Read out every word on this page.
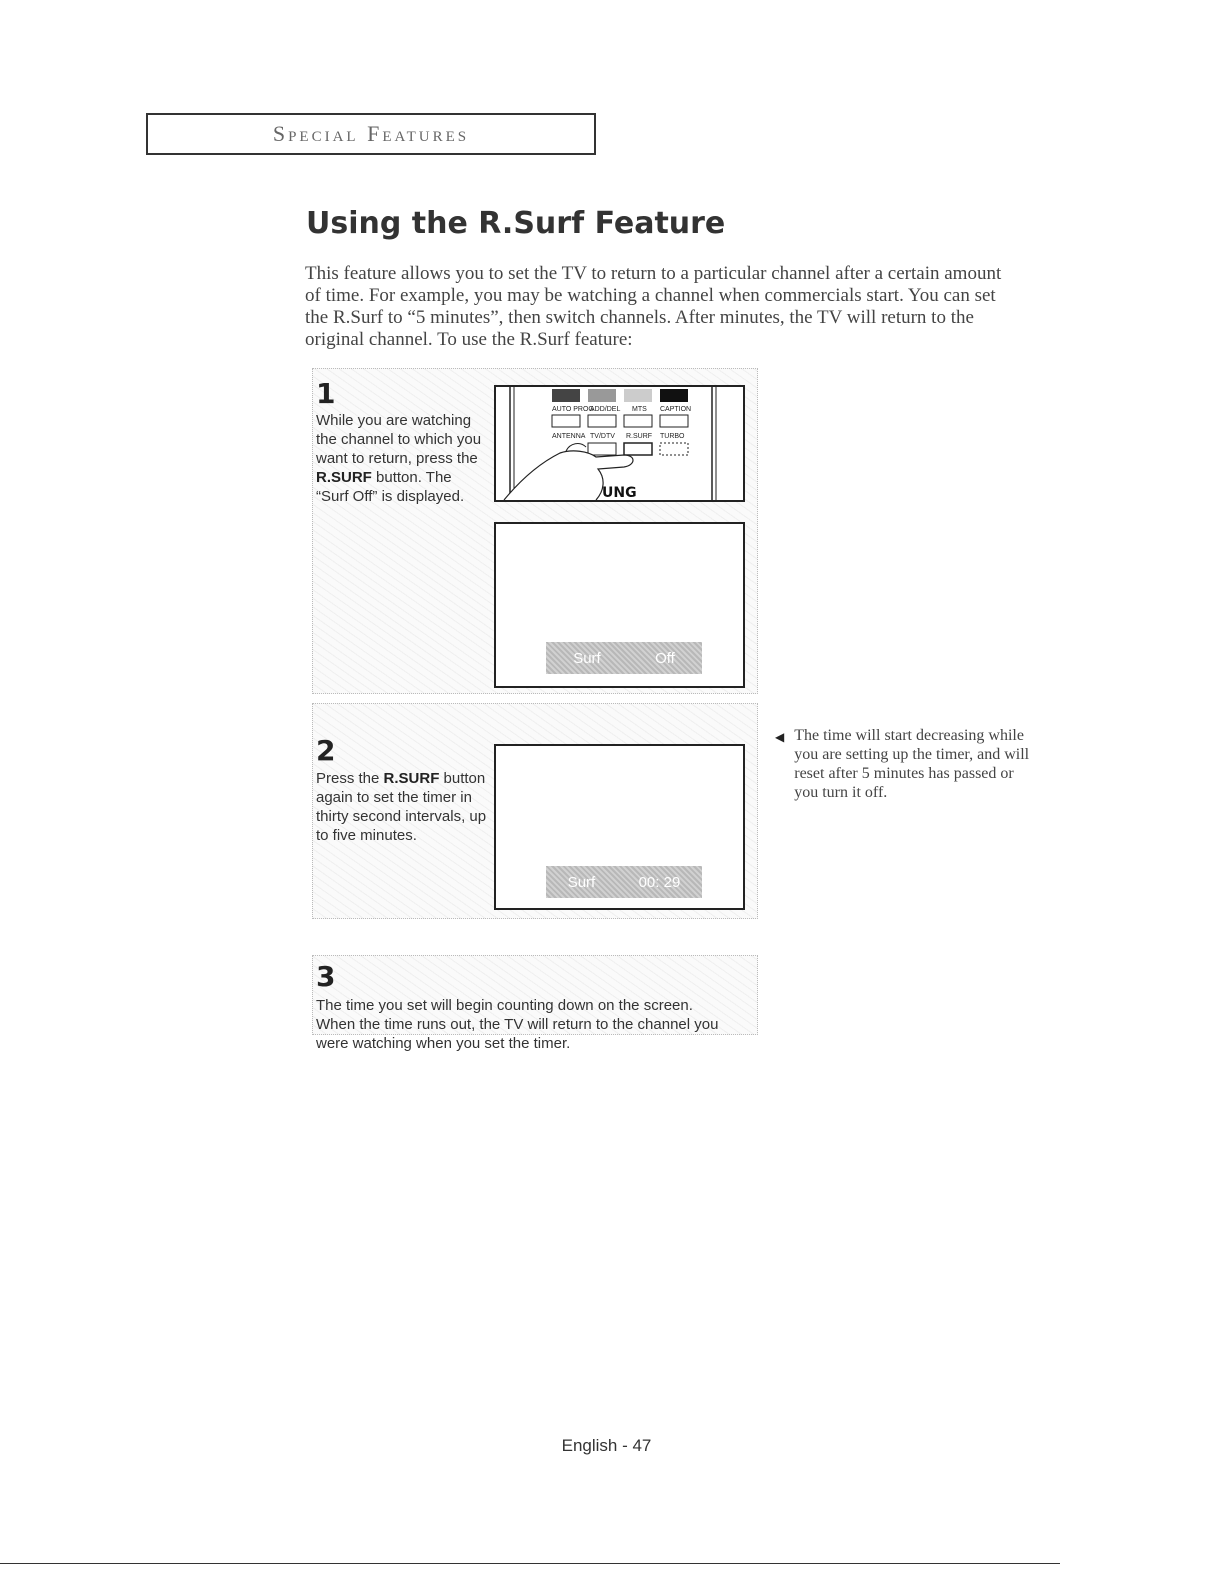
Special Features
Using the R.Surf Feature

This feature allows you to set the TV to return to a particular channel after a certain amount of time. For example, you may be watching a channel when commercials start. You can set the R.Surf to “5 minutes”, then switch channels. After minutes, the TV will return to the original channel. To use the R.Surf feature:

1

While you are watching the channel to which you want to return, press the R.SURF button. The “Surf Off” is displayed.

AUTO PROG
ADD/DEL MTS CAPTION
ANTENNA TV/DTV R.SURF TURBO
UNG
Surf	Off
2

Press the R.SURF button again to set the timer in thirty second intervals, up to five minutes.

Surf	00: 29
3

The time you set will begin counting down on the screen. When the time runs out, the TV will return to the channel you were watching when you set the timer.

◀ The time will start decreasing while you are setting up the timer, and will reset after 5 minutes has passed or you turn it off.

English - 47
